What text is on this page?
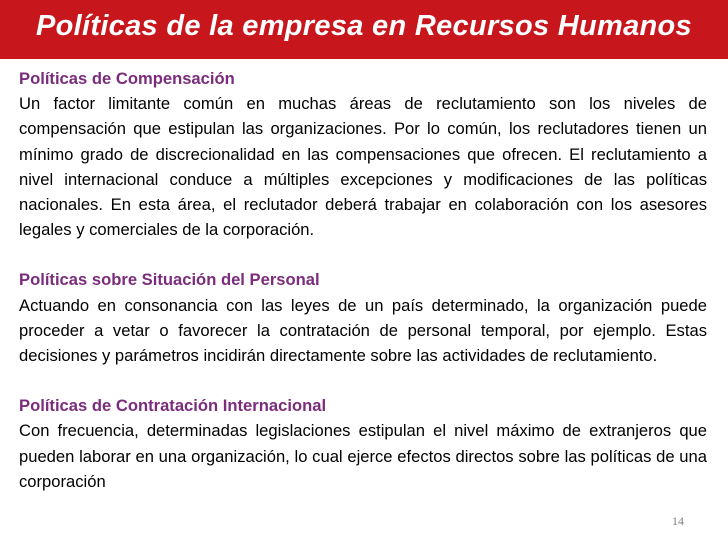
Políticas de la empresa en Recursos Humanos
Políticas de Compensación
Un factor limitante común en muchas áreas de reclutamiento son los niveles de compensación que estipulan las organizaciones. Por lo común, los reclutadores tienen un mínimo grado de discrecionalidad en las compensaciones que ofrecen. El reclutamiento a nivel internacional conduce a múltiples excepciones y modificaciones de las políticas nacionales. En esta área, el reclutador deberá trabajar en colaboración con los asesores legales y comerciales de la corporación.
Políticas sobre Situación del Personal
Actuando en consonancia con las leyes de un país determinado, la organización puede proceder a vetar o favorecer la contratación de personal temporal, por ejemplo. Estas decisiones y parámetros incidirán directamente sobre las actividades de reclutamiento.
Políticas de Contratación Internacional
Con frecuencia, determinadas legislaciones estipulan el nivel máximo de extranjeros que pueden laborar en una organización, lo cual ejerce efectos directos sobre las políticas de una corporación
14
